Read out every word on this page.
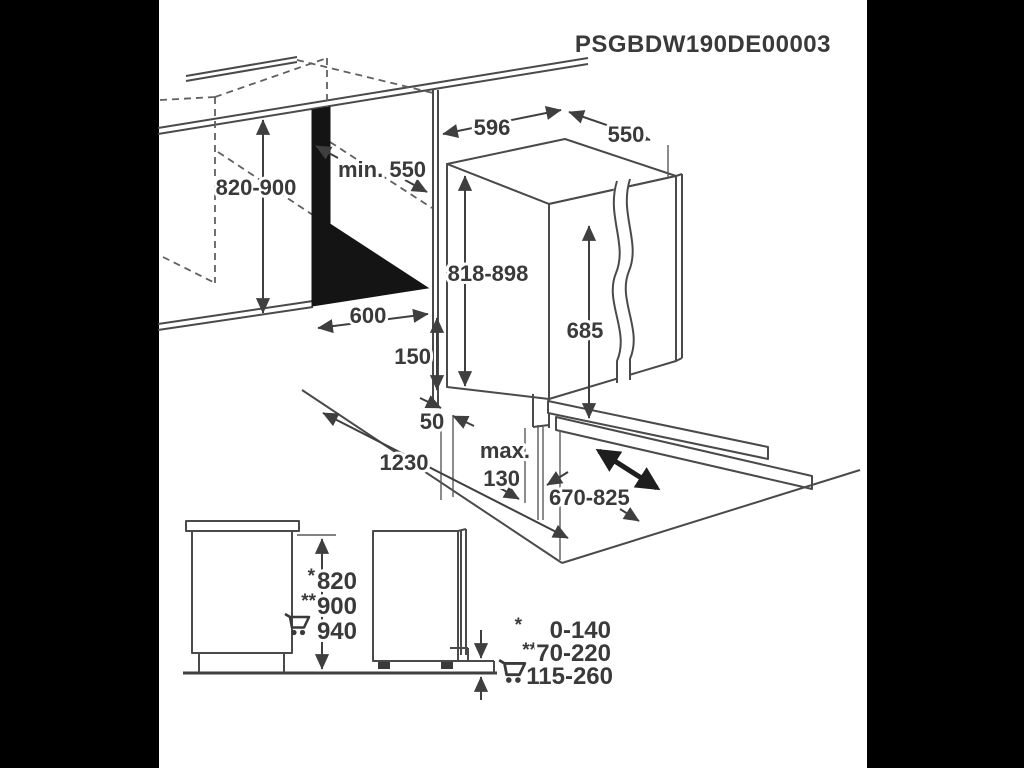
820-900
min. 550
600
150
596	550
818-898
685
50
1230 max.
130
670-825
PSGBDW190DE00003
* 820
** 900
940	* 0-140
** 70-220
115-260
